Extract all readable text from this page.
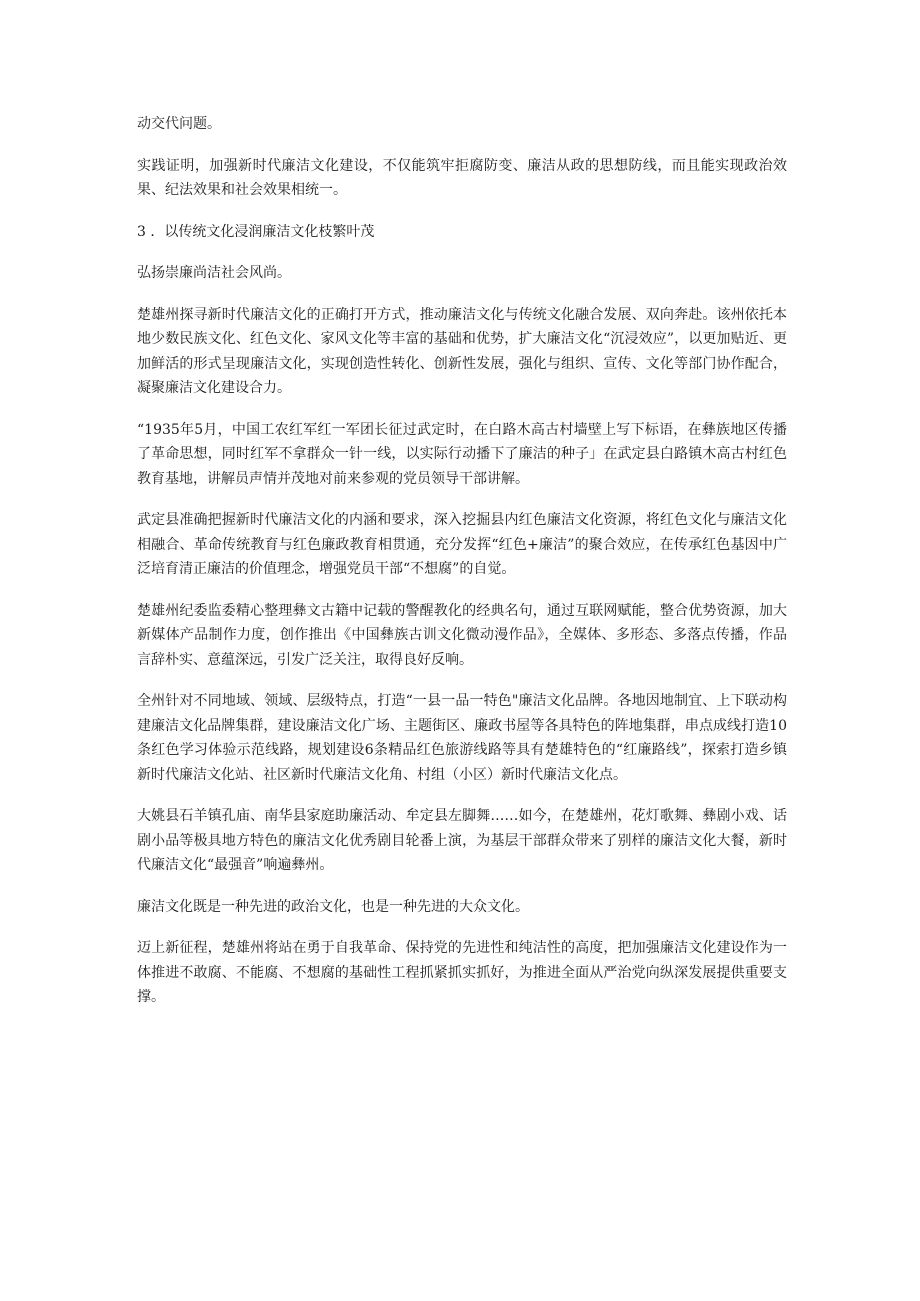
动交代问题。

实践证明，加强新时代廉洁文化建设，不仅能筑牢拒腐防变、廉洁从政的思想防线，而且能实现政治效果、纪法效果和社会效果相统一。

3 ．以传统文化浸润廉洁文化枝繁叶茂

弘扬崇廉尚洁社会风尚。

楚雄州探寻新时代廉洁文化的正确打开方式，推动廉洁文化与传统文化融合发展、双向奔赴。该州依托本地少数民族文化、红色文化、家风文化等丰富的基础和优势，扩大廉洁文化“沉浸效应”，以更加贴近、更加鲜活的形式呈现廉洁文化，实现创造性转化、创新性发展，强化与组织、宣传、文化等部门协作配合，凝聚廉洁文化建设合力。

“1935年5月，中国工农红军红一军团长征过武定时，在白路木高古村墙壁上写下标语，在彝族地区传播了革命思想，同时红军不拿群众一针一线，以实际行动播下了廉洁的种子」在武定县白路镇木高古村红色教育基地，讲解员声情并茂地对前来参观的党员领导干部讲解。

武定县准确把握新时代廉洁文化的内涵和要求，深入挖掘县内红色廉洁文化资源，将红色文化与廉洁文化相融合、革命传统教育与红色廉政教育相贯通，充分发挥“红色+廉洁”的聚合效应，在传承红色基因中广泛培育清正廉洁的价值理念，增强党员干部“不想腐”的自觉。

楚雄州纪委监委精心整理彝文古籍中记载的警醒教化的经典名句，通过互联网赋能，整合优势资源，加大新媒体产品制作力度，创作推出《中国彝族古训文化微动漫作品》，全媒体、多形态、多落点传播，作品言辞朴实、意蕴深远，引发广泛关注，取得良好反响。

全州针对不同地域、领域、层级特点，打造“一县一品一特色"廉洁文化品牌。各地因地制宜、上下联动构建廉洁文化品牌集群，建设廉洁文化广场、主题街区、廉政书屋等各具特色的阵地集群，串点成线打造10条红色学习体验示范线路，规划建设6条精品红色旅游线路等具有楚雄特色的“红廉路线”，探索打造乡镇新时代廉洁文化站、社区新时代廉洁文化角、村组（小区）新时代廉洁文化点。

大姚县石羊镇孔庙、南华县家庭助廉活动、牟定县左脚舞……如今，在楚雄州，花灯歌舞、彝剧小戏、话剧小品等极具地方特色的廉洁文化优秀剧目轮番上演，为基层干部群众带来了别样的廉洁文化大餐，新时代廉洁文化“最强音”响遍彝州。

廉洁文化既是一种先进的政治文化，也是一种先进的大众文化。

迈上新征程，楚雄州将站在勇于自我革命、保持党的先进性和纯洁性的高度，把加强廉洁文化建设作为一体推进不敢腐、不能腐、不想腐的基础性工程抓紧抓实抓好，为推进全面从严治党向纵深发展提供重要支撑。
